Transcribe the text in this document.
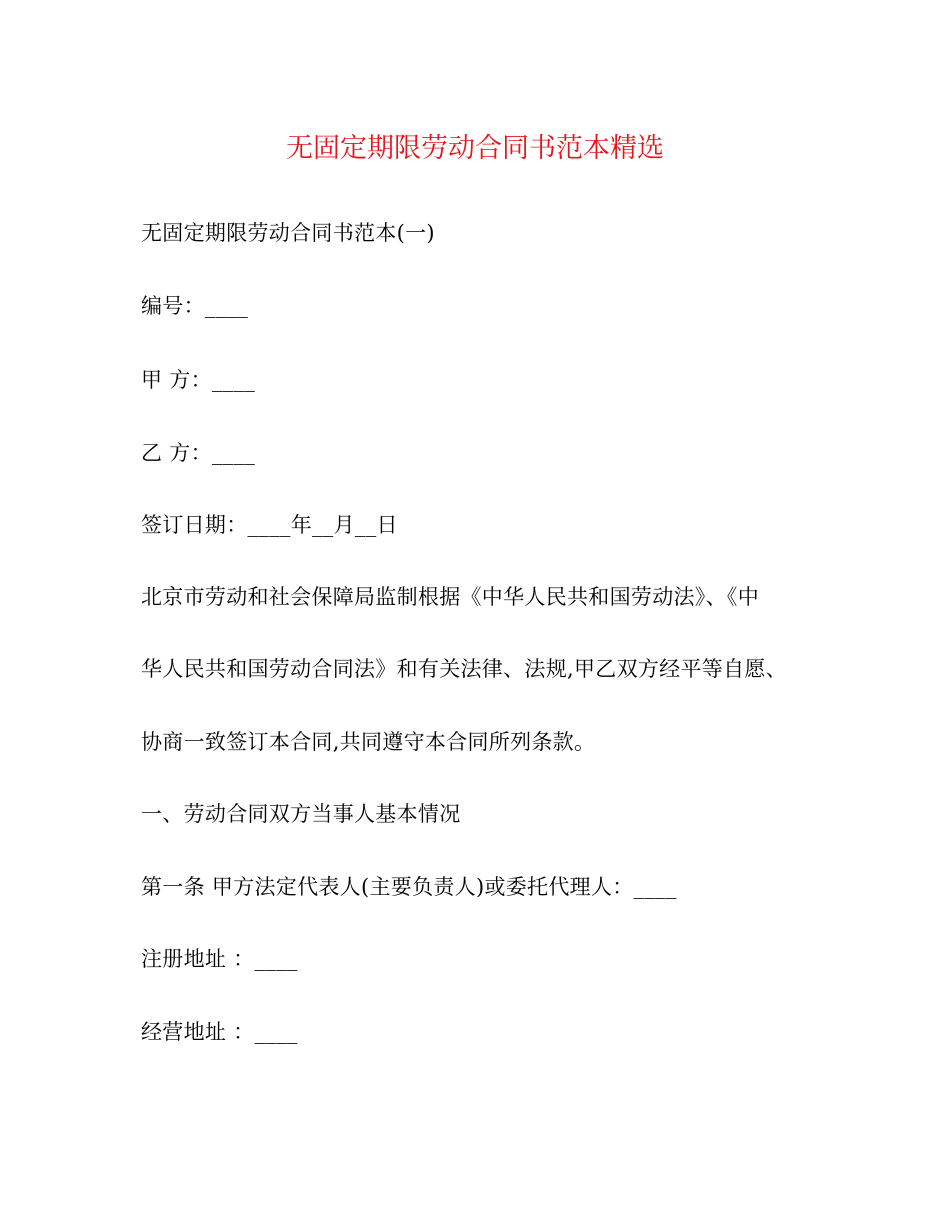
无固定期限劳动合同书范本精选
无固定期限劳动合同书范本(一)
编号：____
甲 方：____
乙 方：____
签订日期：____年__月__日
北京市劳动和社会保障局监制根据《中华人民共和国劳动法》、《中
华人民共和国劳动合同法》和有关法律、法规,甲乙双方经平等自愿、
协商一致签订本合同,共同遵守本合同所列条款。
一、劳动合同双方当事人基本情况
第一条 甲方法定代表人(主要负责人)或委托代理人：____
注册地址 ：____
经营地址 ：____
